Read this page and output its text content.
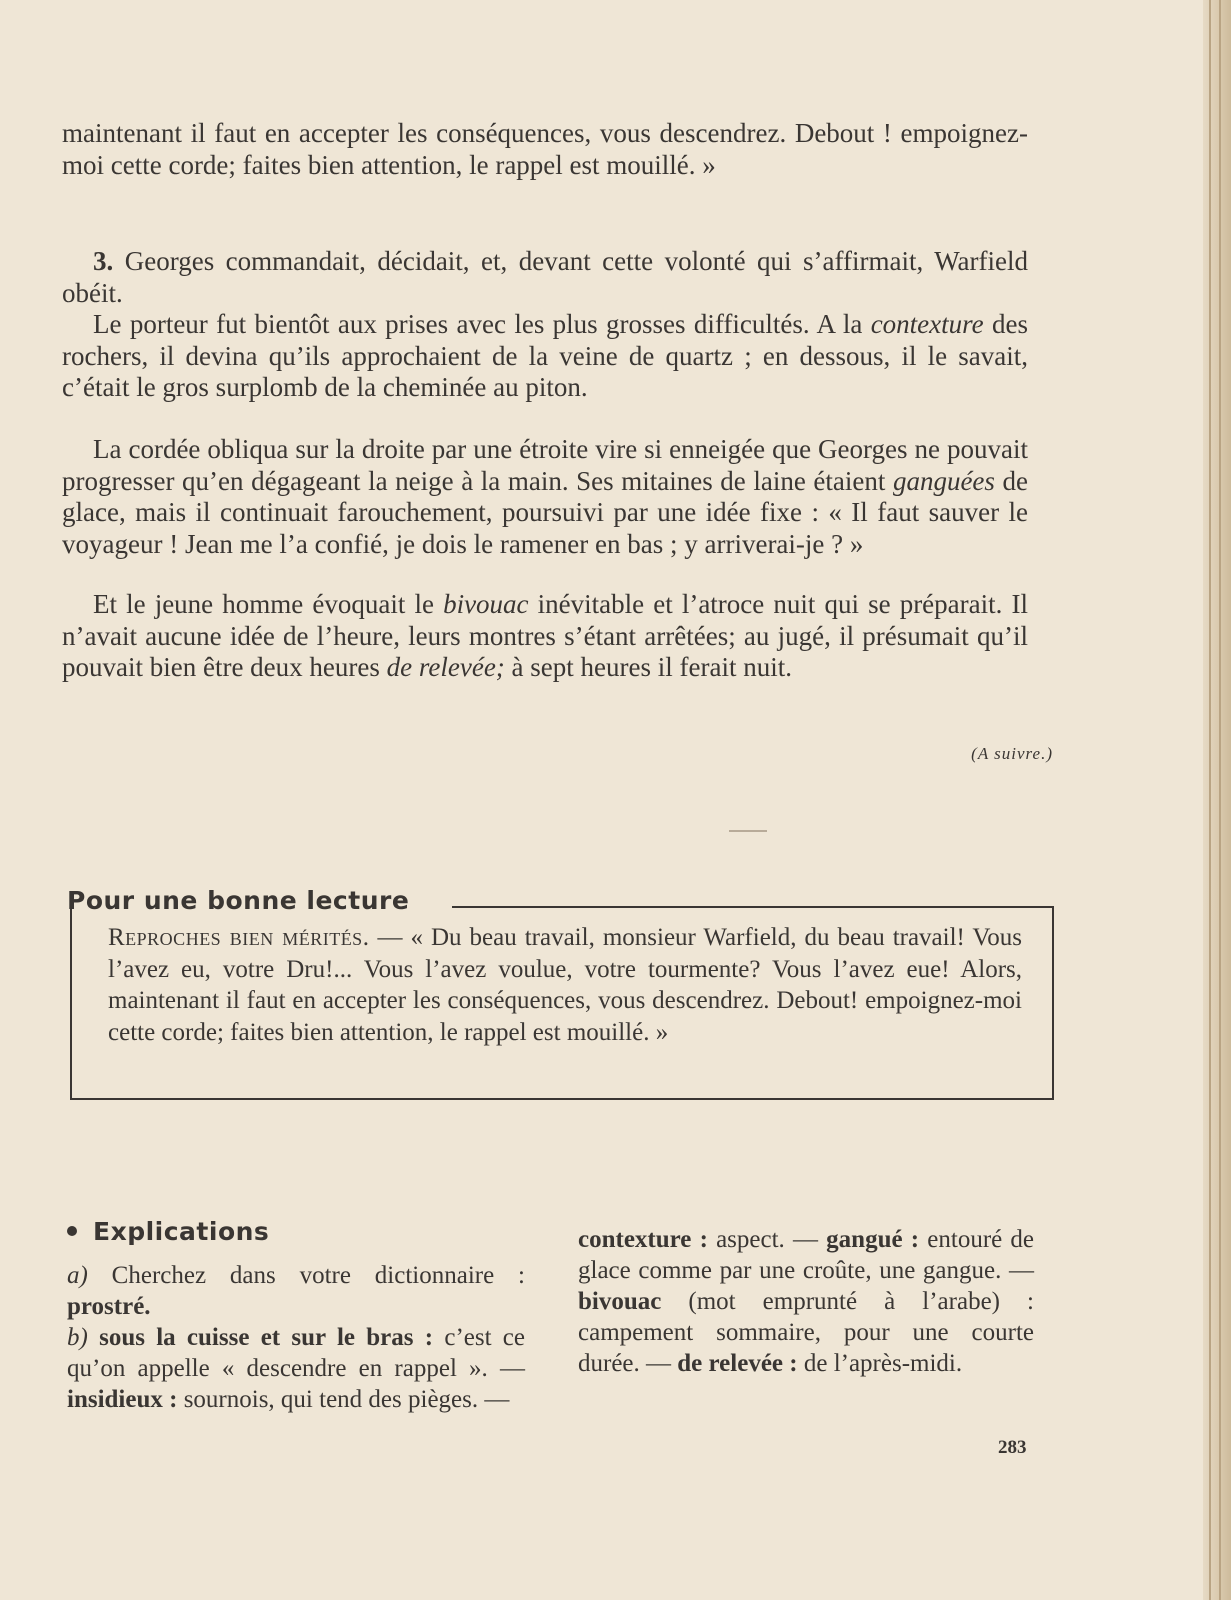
maintenant il faut en accepter les conséquences, vous descendrez. Debout ! empoignez-moi cette corde; faites bien attention, le rappel est mouillé. »

3. Georges commandait, décidait, et, devant cette volonté qui s’affirmait, Warfield obéit.

Le porteur fut bientôt aux prises avec les plus grosses difficultés. A la contexture des rochers, il devina qu’ils approchaient de la veine de quartz ; en dessous, il le savait, c’était le gros surplomb de la cheminée au piton.

La cordée obliqua sur la droite par une étroite vire si enneigée que Georges ne pouvait progresser qu’en dégageant la neige à la main. Ses mitaines de laine étaient ganguées de glace, mais il continuait farouchement, poursuivi par une idée fixe : « Il faut sauver le voyageur ! Jean me l’a confié, je dois le ramener en bas ; y arriverai-je ? »

Et le jeune homme évoquait le bivouac inévitable et l’atroce nuit qui se préparait. Il n’avait aucune idée de l’heure, leurs montres s’étant arrêtées; au jugé, il présumait qu’il pouvait bien être deux heures de relevée; à sept heures il ferait nuit.

(A suivre.)
Pour une bonne lecture

Reproches bien mérités. — « Du beau travail, monsieur Warfield, du beau travail! Vous l’avez eu, votre Dru!... Vous l’avez voulue, votre tourmente? Vous l’avez eue! Alors, maintenant il faut en accepter les conséquences, vous descendrez. Debout! empoignez-moi cette corde; faites bien attention, le rappel est mouillé. »

Explications

a) Cherchez dans votre dictionnaire : prostré.
b) sous la cuisse et sur le bras : c’est ce qu’on appelle « descendre en rappel ». — insidieux : sournois, qui tend des pièges. —

contexture : aspect. — gangué : entouré de glace comme par une croûte, une gangue. — bivouac (mot emprunté à l’arabe) : campement sommaire, pour une courte durée. — de relevée : de l’après-midi.

283
